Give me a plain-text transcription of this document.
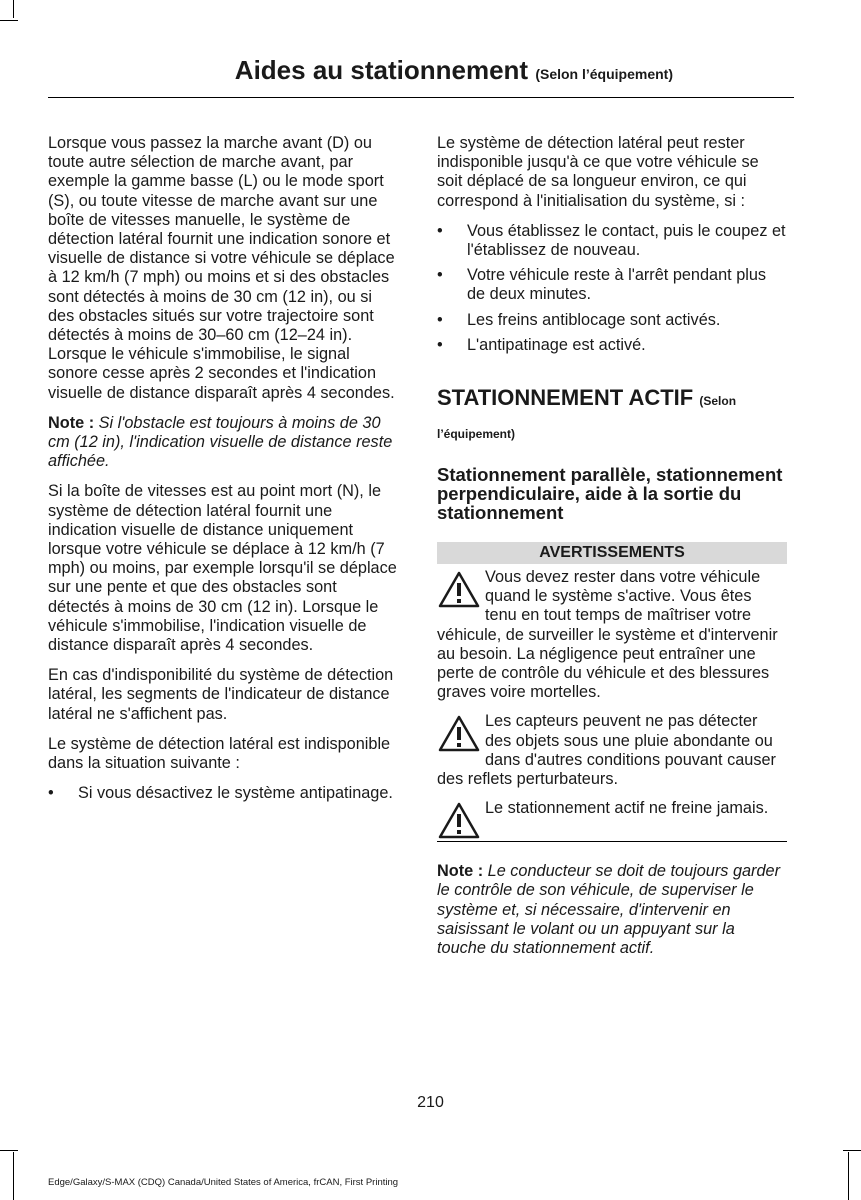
Aides au stationnement (Selon l’équipement)

Lorsque vous passez la marche avant (D) ou toute autre sélection de marche avant, par exemple la gamme basse (L) ou le mode sport (S), ou toute vitesse de marche avant sur une boîte de vitesses manuelle, le système de détection latéral fournit une indication sonore et visuelle de distance si votre véhicule se déplace à 12 km/h (7 mph) ou moins et si des obstacles sont détectés à moins de 30 cm (12 in), ou si des obstacles situés sur votre trajectoire sont détectés à moins de 30–60 cm (12–24 in). Lorsque le véhicule s'immobilise, le signal sonore cesse après 2 secondes et l'indication visuelle de distance disparaît après 4 secondes.

Note : Si l'obstacle est toujours à moins de 30 cm (12 in), l'indication visuelle de distance reste affichée.

Si la boîte de vitesses est au point mort (N), le système de détection latéral fournit une indication visuelle de distance uniquement lorsque votre véhicule se déplace à 12 km/h (7 mph) ou moins, par exemple lorsqu'il se déplace sur une pente et que des obstacles sont détectés à moins de 30 cm (12 in). Lorsque le véhicule s'immobilise, l'indication visuelle de distance disparaît après 4 secondes.

En cas d'indisponibilité du système de détection latéral, les segments de l'indicateur de distance latéral ne s'affichent pas.

Le système de détection latéral est indisponible dans la situation suivante :

• Si vous désactivez le système antipatinage.

Le système de détection latéral peut rester indisponible jusqu'à ce que votre véhicule se soit déplacé de sa longueur environ, ce qui correspond à l'initialisation du système, si :

• Vous établissez le contact, puis le coupez et l'établissez de nouveau.
• Votre véhicule reste à l'arrêt pendant plus de deux minutes.
• Les freins antiblocage sont activés.
• L'antipatinage est activé.
STATIONNEMENT ACTIF (Selon l’équipement)
Stationnement parallèle, stationnement perpendiculaire, aide à la sortie du stationnement
AVERTISSEMENTS
Vous devez rester dans votre véhicule quand le système s'active. Vous êtes tenu en tout temps de maîtriser votre véhicule, de surveiller le système et d'intervenir au besoin. La négligence peut entraîner une perte de contrôle du véhicule et des blessures graves voire mortelles.
Les capteurs peuvent ne pas détecter des objets sous une pluie abondante ou dans d'autres conditions pouvant causer des reflets perturbateurs.
Le stationnement actif ne freine jamais.

Note : Le conducteur se doit de toujours garder le contrôle de son véhicule, de superviser le système et, si nécessaire, d'intervenir en saisissant le volant ou un appuyant sur la touche du stationnement actif.

210
Edge/Galaxy/S-MAX (CDQ) Canada/United States of America, frCAN, First Printing
